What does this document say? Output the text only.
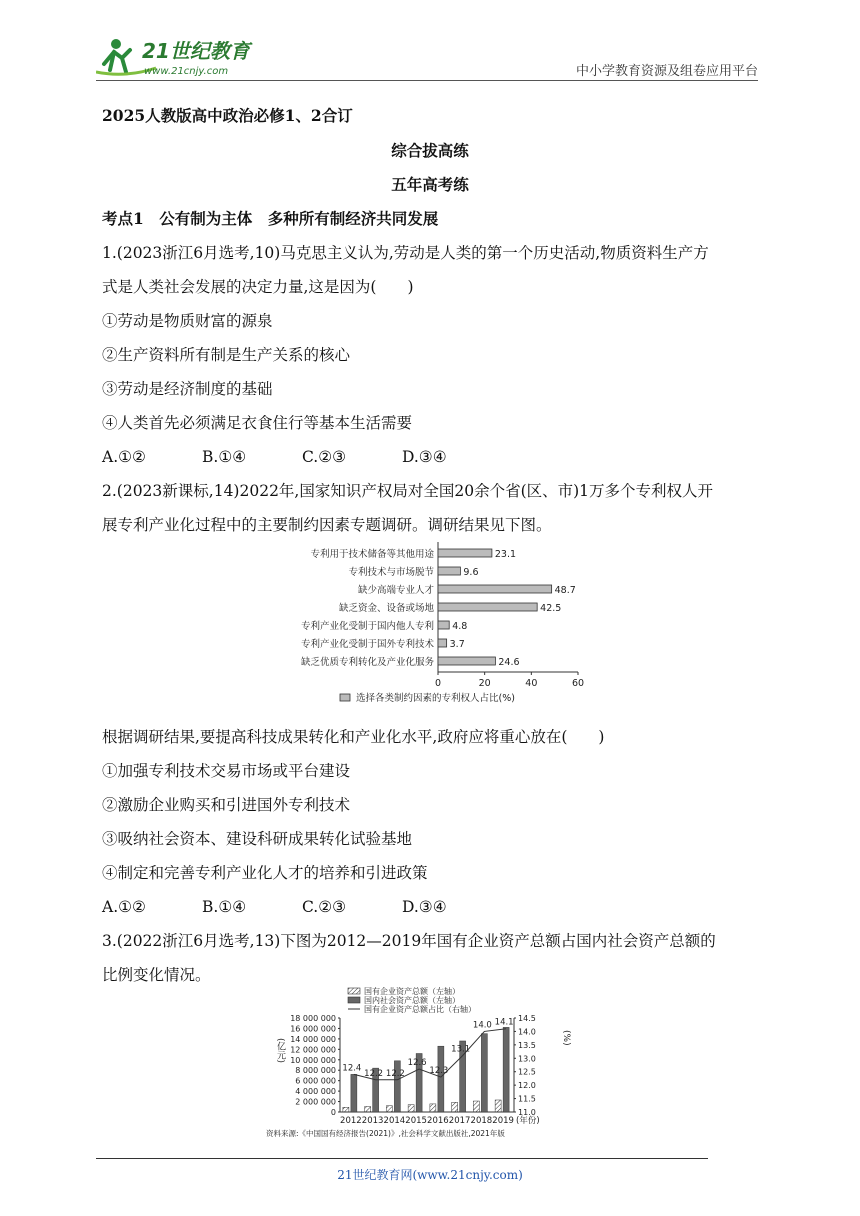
21世纪教育
www.21cnjy.com	中小学教育资源及组卷应用平台
2025人教版高中政治必修1、2合订
综合拔高练
五年高考练
考点1　公有制为主体　多种所有制经济共同发展
1.(2023浙江6月选考,10)马克思主义认为,劳动是人类的第一个历史活动,物质资料生产方
式是人类社会发展的决定力量,这是因为(　　)
①劳动是物质财富的源泉
②生产资料所有制是生产关系的核心
③劳动是经济制度的基础
④人类首先必须满足衣食住行等基本生活需要
A.①②	B.①④	C.②③	D.③④
2.(2023新课标,14)2022年,国家知识产权局对全国20余个省(区、市)1万多个专利权人开
展专利产业化过程中的主要制约因素专题调研。调研结果见下图。
专利用于技术储备等其他用途	23.1
专利技术与市场脱节	9.6
缺少高端专业人才	48.7
缺乏资金、设备或场地	42.5
专利产业化受制于国内他人专利 4.8
专利产业化受制于国外专利技术 3.7
缺乏优质专利转化及产业化服务	24.6
0	20	40	60
选择各类制约因素的专利权人占比(%)
根据调研结果,要提高科技成果转化和产业化水平,政府应将重心放在(　　)
①加强专利技术交易市场或平台建设
②激励企业购买和引进国外专利技术
③吸纳社会资本、建设科研成果转化试验基地
④制定和完善专利产业化人才的培养和引进政策
A.①②	B.①④	C.②③	D.③④
3.(2022浙江6月选考,13)下图为2012—2019年国有企业资产总额占国内社会资产总额的
比例变化情况。
国有企业资产总额（左轴）
国内社会资产总额（左轴）
国有企业资产总额占比（右轴）
0
2 000 000
4 000 000
6 000 000
8 000 000
10 000 000
12 000 000
14 000 000
16 000 000
18 000 000
11.0
11.5
12.0
12.5
13.0
13.5
14.0
14.5
(亿元)
(%)
2012 2013 2014 2015 2016 2017 2018 2019
12.4
12.2 12.2
12.6
12.3
13.1
14.0 14.1
(年份)
资料来源:《中国国有经济报告(2021)》,社会科学文献出版社,2021年版
21世纪教育网(www.21cnjy.com)
